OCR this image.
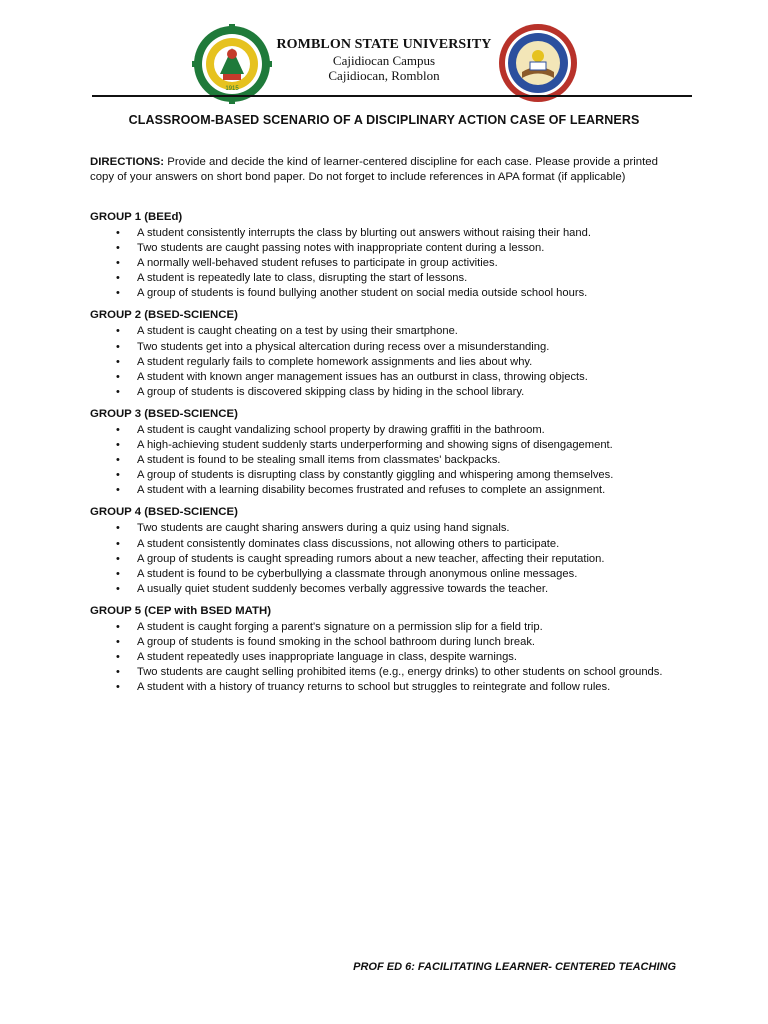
1915
ROMBLON STATE UNIVERSITY
Cajidiocan Campus
Cajidiocan, Romblon
CLASSROOM-BASED SCENARIO OF A DISCIPLINARY ACTION CASE OF LEARNERS
DIRECTIONS: Provide and decide the kind of learner-centered discipline for each case. Please provide a printed copy of your answers on short bond paper. Do not forget to include references in APA format (if applicable)
GROUP 1 (BEEd)
• A student consistently interrupts the class by blurting out answers without raising their hand.
• Two students are caught passing notes with inappropriate content during a lesson.
• A normally well-behaved student refuses to participate in group activities.
• A student is repeatedly late to class, disrupting the start of lessons.
• A group of students is found bullying another student on social media outside school hours.
GROUP 2 (BSED-SCIENCE)
• A student is caught cheating on a test by using their smartphone.
• Two students get into a physical altercation during recess over a misunderstanding.
• A student regularly fails to complete homework assignments and lies about why.
• A student with known anger management issues has an outburst in class, throwing objects.
• A group of students is discovered skipping class by hiding in the school library.
GROUP 3 (BSED-SCIENCE)
• A student is caught vandalizing school property by drawing graffiti in the bathroom.
• A high-achieving student suddenly starts underperforming and showing signs of disengagement.
• A student is found to be stealing small items from classmates' backpacks.
• A group of students is disrupting class by constantly giggling and whispering among themselves.
• A student with a learning disability becomes frustrated and refuses to complete an assignment.
GROUP 4 (BSED-SCIENCE)
• Two students are caught sharing answers during a quiz using hand signals.
• A student consistently dominates class discussions, not allowing others to participate.
• A group of students is caught spreading rumors about a new teacher, affecting their reputation.
• A student is found to be cyberbullying a classmate through anonymous online messages.
• A usually quiet student suddenly becomes verbally aggressive towards the teacher.
GROUP 5 (CEP with BSED MATH)
• A student is caught forging a parent's signature on a permission slip for a field trip.
• A group of students is found smoking in the school bathroom during lunch break.
• A student repeatedly uses inappropriate language in class, despite warnings.
• Two students are caught selling prohibited items (e.g., energy drinks) to other students on school grounds.
• A student with a history of truancy returns to school but struggles to reintegrate and follow rules.
PROF ED 6: FACILITATING LEARNER- CENTERED TEACHING
